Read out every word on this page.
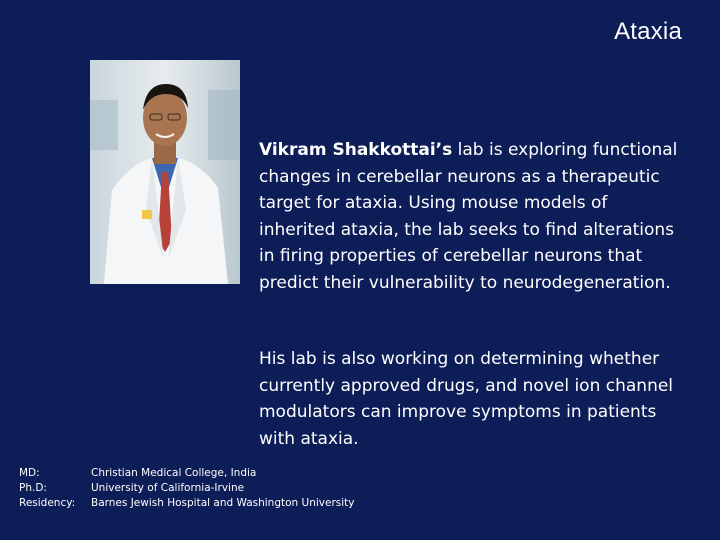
Ataxia

Vikram Shakkottai’s lab is exploring functional changes in cerebellar neurons as a therapeutic target for ataxia. Using mouse models of inherited ataxia, the lab seeks to find alterations in firing properties of cerebellar neurons that predict their vulnerability to neurodegeneration.

His lab is also working on determining whether currently approved drugs, and novel ion channel modulators can improve symptoms in patients with ataxia.

MD:	Christian Medical College, India
Ph.D:	University of California-Irvine
Residency:	Barnes Jewish Hospital and Washington University
